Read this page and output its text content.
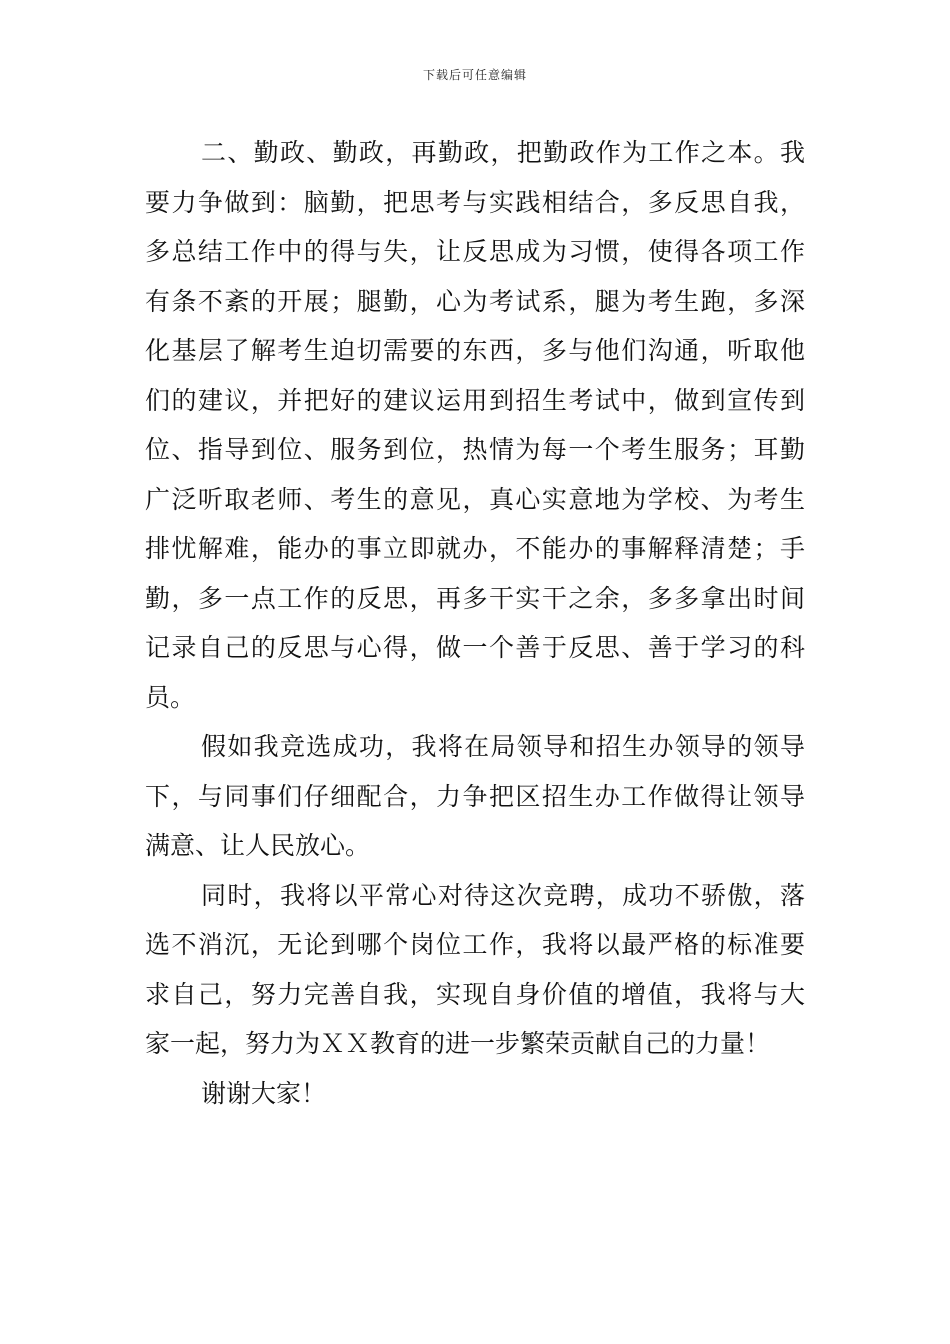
下载后可任意编辑
二、勤政、勤政，再勤政，把勤政作为工作之本。我
要力争做到：脑勤，把思考与实践相结合，多反思自我，
多总结工作中的得与失，让反思成为习惯，使得各项工作
有条不紊的开展；腿勤，心为考试系，腿为考生跑，多深
化基层了解考生迫切需要的东西，多与他们沟通，听取他
们的建议，并把好的建议运用到招生考试中，做到宣传到
位、指导到位、服务到位，热情为每一个考生服务；耳勤
广泛听取老师、考生的意见，真心实意地为学校、为考生
排忧解难，能办的事立即就办，不能办的事解释清楚；手
勤，多一点工作的反思，再多干实干之余，多多拿出时间
记录自己的反思与心得，做一个善于反思、善于学习的科
员。
假如我竞选成功，我将在局领导和招生办领导的领导
下，与同事们仔细配合，力争把区招生办工作做得让领导
满意、让人民放心。
同时，我将以平常心对待这次竞聘，成功不骄傲，落
选不消沉，无论到哪个岗位工作，我将以最严格的标准要
求自己，努力完善自我，实现自身价值的增值，我将与大
家一起，努力为ＸＸ教育的进一步繁荣贡献自己的力量！
谢谢大家！
